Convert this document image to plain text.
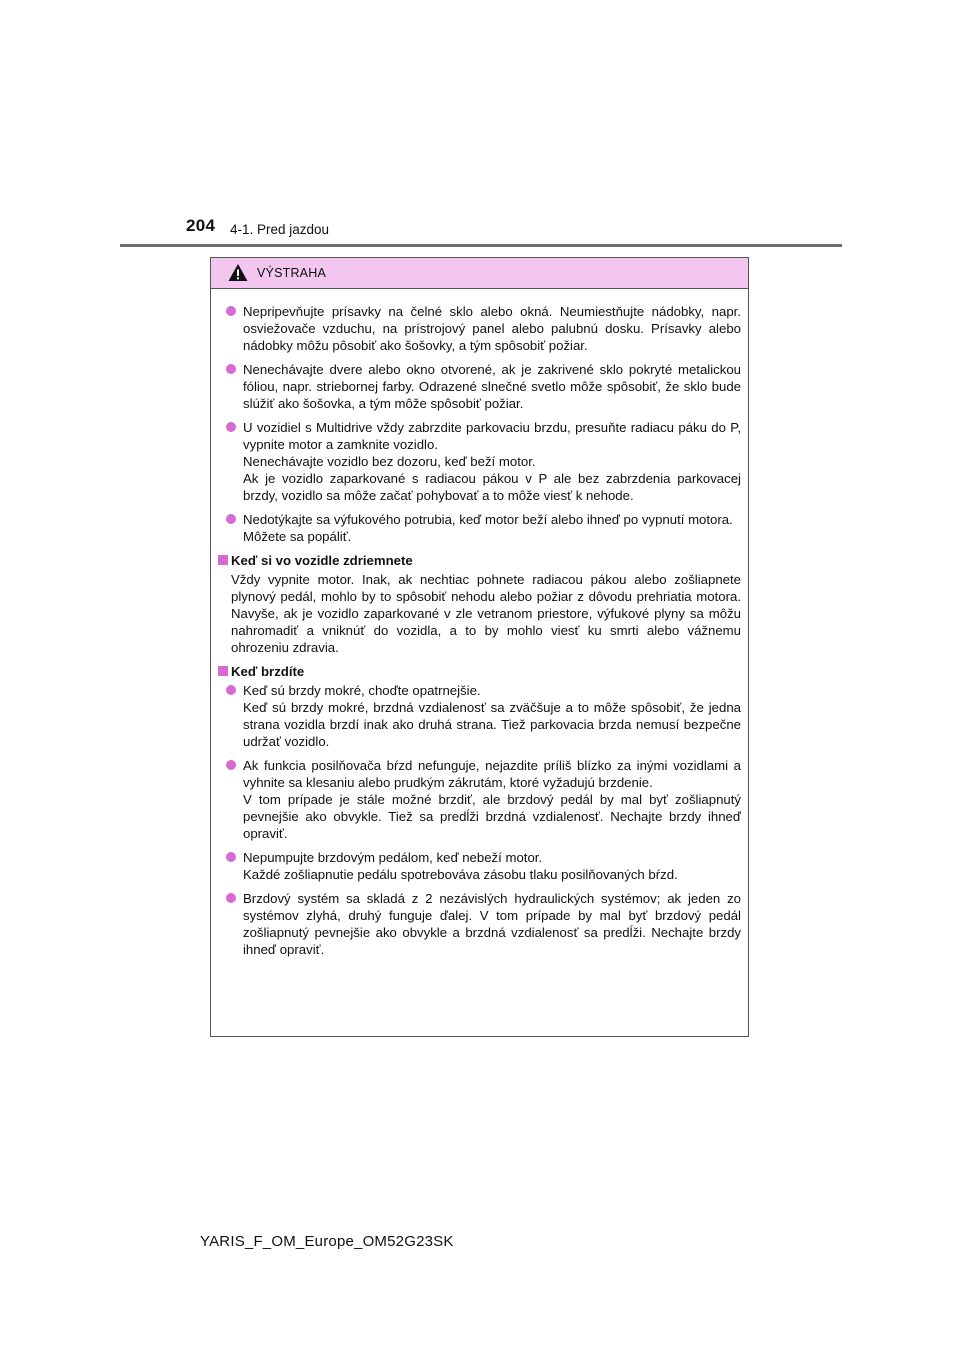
204 4-1. Pred jazdou
VÝSTRAHA

Nepripevňujte prísavky na čelné sklo alebo okná. Neumiestňujte nádobky, napr. osviežovače vzduchu, na prístrojový panel alebo palubnú dosku. Prísavky alebo nádobky môžu pôsobiť ako šošovky, a tým spôsobiť požiar.

Nenechávajte dvere alebo okno otvorené, ak je zakrivené sklo pokryté metalickou fóliou, napr. striebornej farby. Odrazené slnečné svetlo môže spôsobiť, že sklo bude slúžiť ako šošovka, a tým môže spôsobiť požiar.

U vozidiel s Multidrive vždy zabrzdite parkovaciu brzdu, presuňte radiacu páku do P, vypnite motor a zamknite vozidlo.

Nenechávajte vozidlo bez dozoru, keď beží motor.

Ak je vozidlo zaparkované s radiacou pákou v P ale bez zabrzdenia parkovacej brzdy, vozidlo sa môže začať pohybovať a to môže viesť k nehode.

Nedotýkajte sa výfukového potrubia, keď motor beží alebo ihneď po vypnutí motora.

Môžete sa popáliť.

Keď si vo vozidle zdriemnete

Vždy vypnite motor. Inak, ak nechtiac pohnete radiacou pákou alebo zošliapnete plynový pedál, mohlo by to spôsobiť nehodu alebo požiar z dôvodu prehriatia motora. Navyše, ak je vozidlo zaparkované v zle vetranom priestore, výfukové plyny sa môžu nahromadiť a vniknúť do vozidla, a to by mohlo viesť ku smrti alebo vážnemu ohrozeniu zdravia.

Keď brzdíte

Keď sú brzdy mokré, choďte opatrnejšie.

Keď sú brzdy mokré, brzdná vzdialenosť sa zväčšuje a to môže spôsobiť, že jedna strana vozidla brzdí inak ako druhá strana. Tiež parkovacia brzda nemusí bezpečne udržať vozidlo.

Ak funkcia posilňovača bŕzd nefunguje, nejazdite príliš blízko za inými vozidlami a vyhnite sa klesaniu alebo prudkým zákrutám, ktoré vyžadujú brzdenie.

V tom prípade je stále možné brzdiť, ale brzdový pedál by mal byť zošliapnutý pevnejšie ako obvykle. Tiež sa predĺži brzdná vzdialenosť. Nechajte brzdy ihneď opraviť.

Nepumpujte brzdovým pedálom, keď nebeží motor.

Každé zošliapnutie pedálu spotrebováva zásobu tlaku posilňovaných bŕzd.

Brzdový systém sa skladá z 2 nezávislých hydraulických systémov; ak jeden zo systémov zlyhá, druhý funguje ďalej. V tom prípade by mal byť brzdový pedál zošliapnutý pevnejšie ako obvykle a brzdná vzdialenosť sa predĺži. Nechajte brzdy ihneď opraviť.

YARIS_F_OM_Europe_OM52G23SK
